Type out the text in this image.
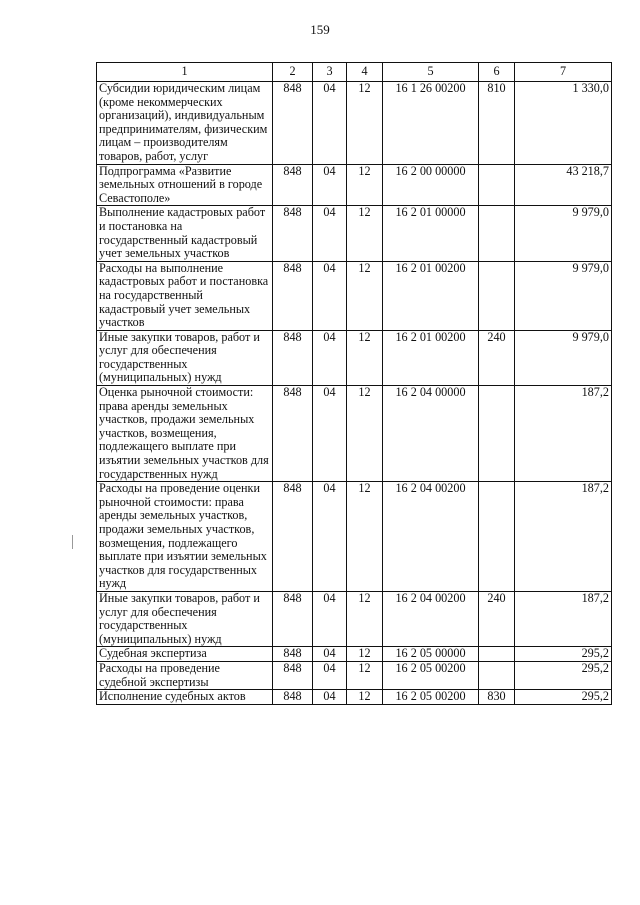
159
1	2	3	4	5	6	7
Субсидии юридическим лицам (кроме некоммерческих организаций), индивидуальным предпринимателям, физическим лицам – производителям товаров, работ, услуг	848	04	12	16 1 26 00200	810	1 330,0
Подпрограмма «Развитие земельных отношений в городе Севастополе»	848	04	12	16 2 00 00000		43 218,7
Выполнение кадастровых работ и постановка на государственный кадастровый учет земельных участков	848	04	12	16 2 01 00000		9 979,0
Расходы на выполнение кадастровых работ и постановка на государственный кадастровый учет земельных участков	848	04	12	16 2 01 00200		9 979,0
Иные закупки товаров, работ и услуг для обеспечения государственных (муниципальных) нужд	848	04	12	16 2 01 00200	240	9 979,0
Оценка рыночной стоимости: права аренды земельных участков, продажи земельных участков, возмещения, подлежащего выплате при изъятии земельных участков для государственных нужд	848	04	12	16 2 04 00000		187,2
Расходы на проведение оценки рыночной стоимости: права аренды земельных участков, продажи земельных участков, возмещения, подлежащего выплате при изъятии земельных участков для государственных нужд	848	04	12	16 2 04 00200		187,2
Иные закупки товаров, работ и услуг для обеспечения государственных (муниципальных) нужд	848	04	12	16 2 04 00200	240	187,2
Судебная экспертиза	848	04	12	16 2 05 00000		295,2
Расходы на проведение судебной экспертизы	848	04	12	16 2 05 00200		295,2
Исполнение судебных актов	848	04	12	16 2 05 00200	830	295,2
